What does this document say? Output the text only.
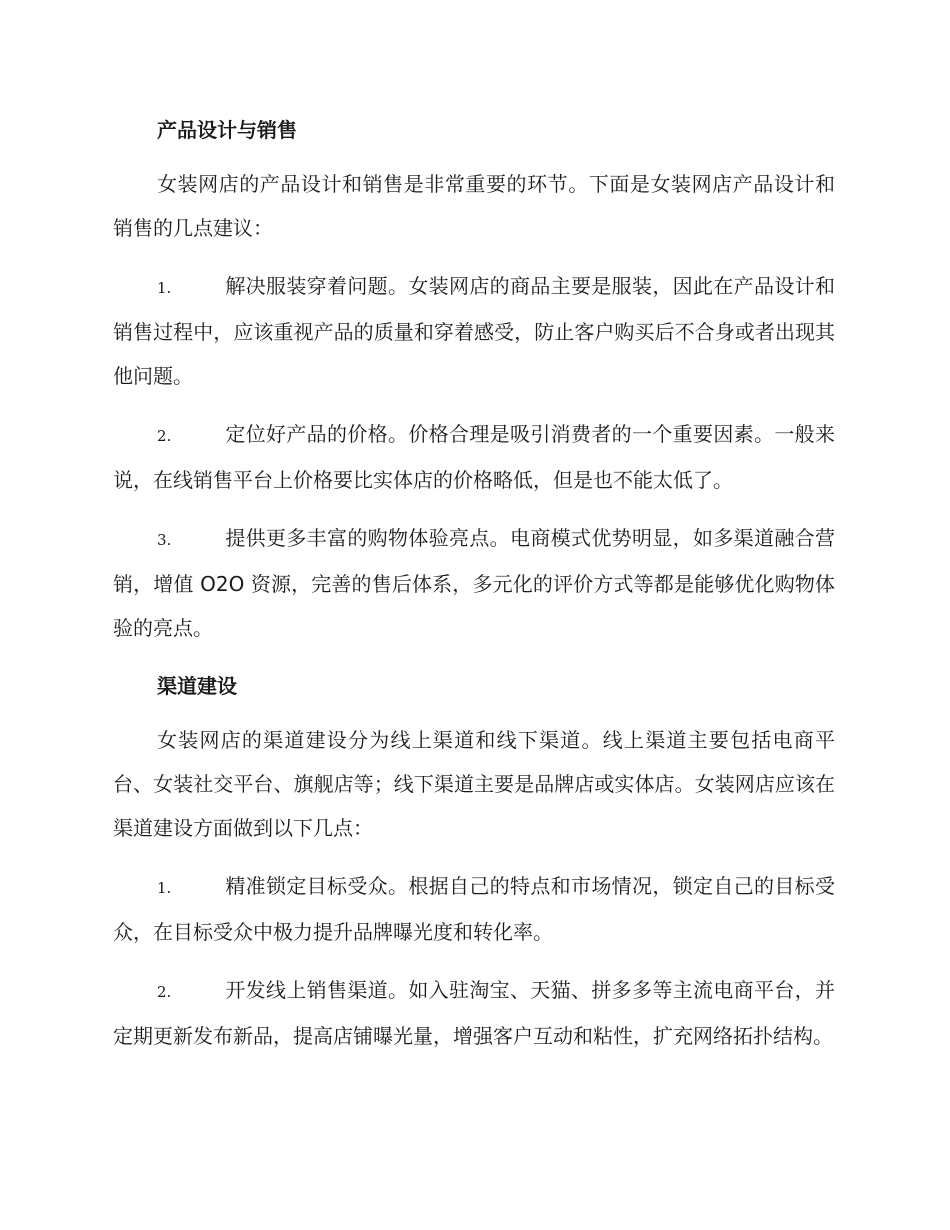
产品设计与销售

女装网店的产品设计和销售是非常重要的环节。下面是女装网店产品设计和销售的几点建议：

1.	解决服装穿着问题。女装网店的商品主要是服装，因此在产品设计和销售过程中，应该重视产品的质量和穿着感受，防止客户购买后不合身或者出现其他问题。

2.	定位好产品的价格。价格合理是吸引消费者的一个重要因素。一般来说，在线销售平台上价格要比实体店的价格略低，但是也不能太低了。

3.	提供更多丰富的购物体验亮点。电商模式优势明显，如多渠道融合营销，增值 O2O 资源，完善的售后体系，多元化的评价方式等都是能够优化购物体验的亮点。

渠道建设

女装网店的渠道建设分为线上渠道和线下渠道。线上渠道主要包括电商平台、女装社交平台、旗舰店等；线下渠道主要是品牌店或实体店。女装网店应该在渠道建设方面做到以下几点：

1.	精准锁定目标受众。根据自己的特点和市场情况，锁定自己的目标受众，在目标受众中极力提升品牌曝光度和转化率。

2.	开发线上销售渠道。如入驻淘宝、天猫、拼多多等主流电商平台，并定期更新发布新品，提高店铺曝光量，增强客户互动和粘性，扩充网络拓扑结构。
